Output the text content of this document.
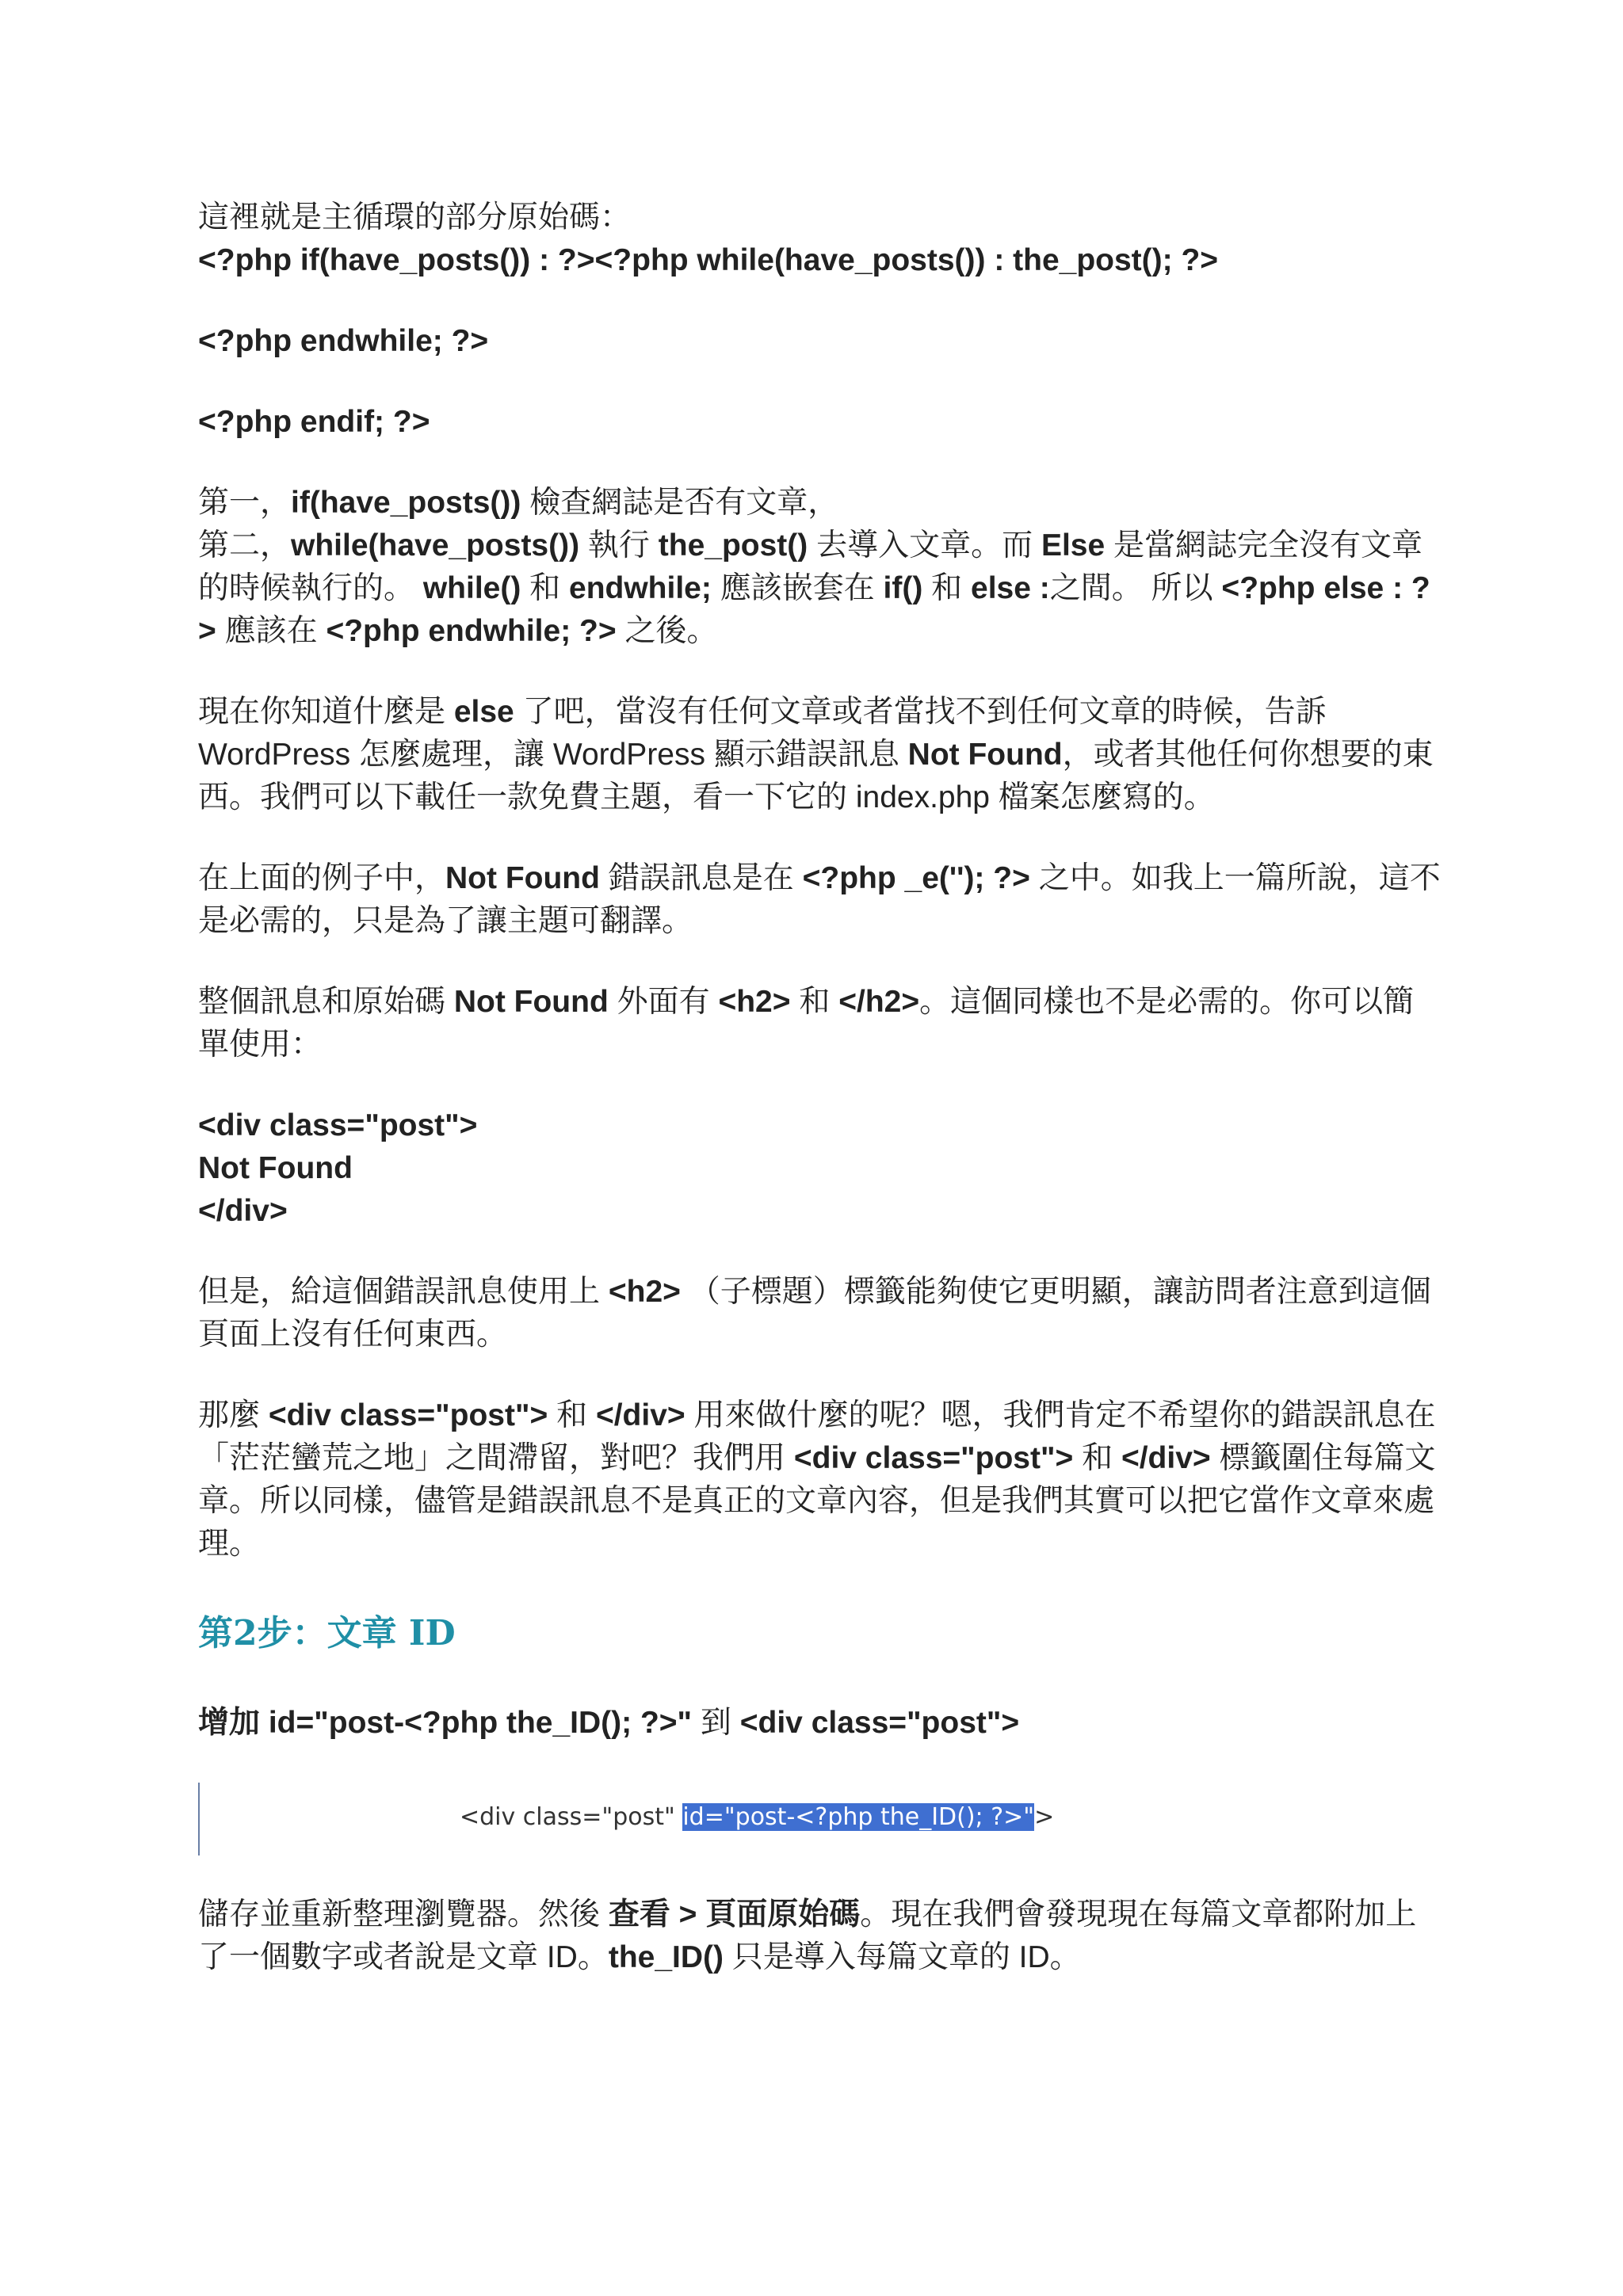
這裡就是主循環的部分原始碼：

<?php if(have_posts()) : ?><?php while(have_posts()) : the_post(); ?>

<?php endwhile; ?>

<?php endif; ?>

第一，if(have_posts()) 檢查網誌是否有文章，

第二，while(have_posts()) 執行 the_post() 去導入文章。而 Else 是當網誌完全沒有文章的時候執行的。 while() 和 endwhile; 應該嵌套在 if() 和 else :之間。 所以 <?php else : ?> 應該在 <?php endwhile; ?> 之後。

現在你知道什麼是 else 了吧，當沒有任何文章或者當找不到任何文章的時候，告訴 WordPress 怎麼處理，讓 WordPress 顯示錯誤訊息 Not Found，或者其他任何你想要的東西。我們可以下載任一款免費主題，看一下它的 index.php 檔案怎麼寫的。

在上面的例子中，Not Found 錯誤訊息是在 <?php _e(''); ?> 之中。如我上一篇所說，這不是必需的，只是為了讓主題可翻譯。

整個訊息和原始碼 Not Found 外面有 <h2> 和 </h2>。這個同樣也不是必需的。你可以簡單使用：

<div class="post">

Not Found

</div>

但是，給這個錯誤訊息使用上 <h2> （子標題）標籤能夠使它更明顯，讓訪問者注意到這個頁面上沒有任何東西。

那麼 <div class="post"> 和 </div> 用來做什麼的呢？嗯，我們肯定不希望你的錯誤訊息在「茫茫蠻荒之地」之間滯留，對吧？我們用 <div class="post"> 和 </div> 標籤圍住每篇文章。所以同樣，儘管是錯誤訊息不是真正的文章內容，但是我們其實可以把它當作文章來處理。

第2步：文章 ID

增加 id="post-<?php the_ID(); ?>" 到 <div class="post">

<div class="post" id="post-<?php the_ID(); ?>">

儲存並重新整理瀏覽器。然後 查看 > 頁面原始碼。現在我們會發現現在每篇文章都附加上了一個數字或者說是文章 ID。the_ID() 只是導入每篇文章的 ID。
